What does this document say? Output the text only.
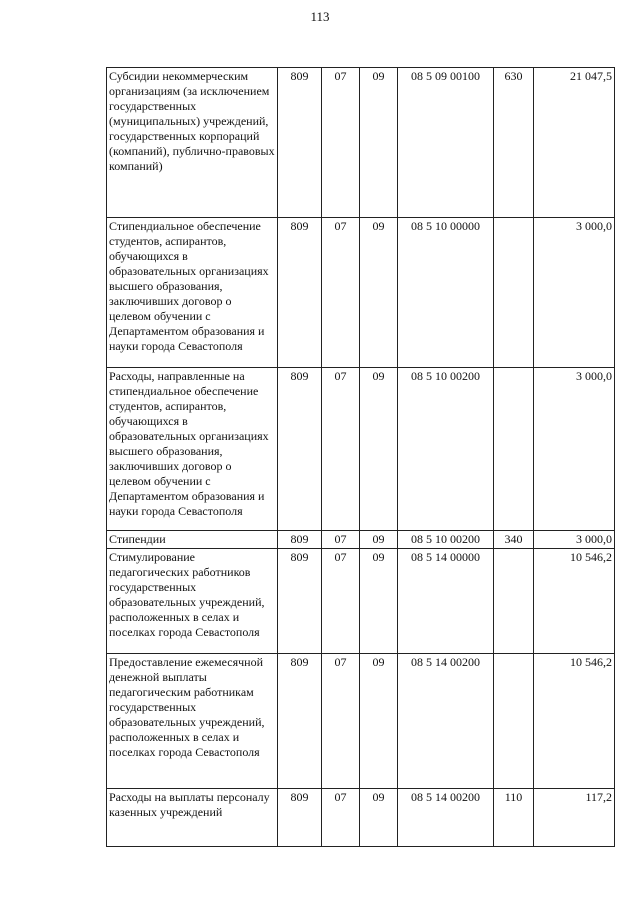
113
Субсидии некоммерческим организациям (за исключением государственных (муниципальных) учреждений, государственных корпораций (компаний), публично-правовых компаний)	809	07	09	08 5 09 00100	630	21 047,5
Стипендиальное обеспечение студентов, аспирантов, обучающихся в образовательных организациях высшего образования, заключивших договор о целевом обучении с Департаментом образования и науки города Севастополя	809	07	09	08 5 10 00000		3 000,0
Расходы, направленные на стипендиальное обеспечение студентов, аспирантов, обучающихся в образовательных организациях высшего образования, заключивших договор о целевом обучении с Департаментом образования и науки города Севастополя	809	07	09	08 5 10 00200		3 000,0
Стипендии	809	07	09	08 5 10 00200	340	3 000,0
Стимулирование педагогических работников государственных образовательных учреждений, расположенных в селах и поселках города Севастополя	809	07	09	08 5 14 00000		10 546,2
Предоставление ежемесячной денежной выплаты педагогическим работникам государственных образовательных учреждений, расположенных в селах и поселках города Севастополя	809	07	09	08 5 14 00200		10 546,2
Расходы на выплаты персоналу казенных учреждений	809	07	09	08 5 14 00200	110	117,2
